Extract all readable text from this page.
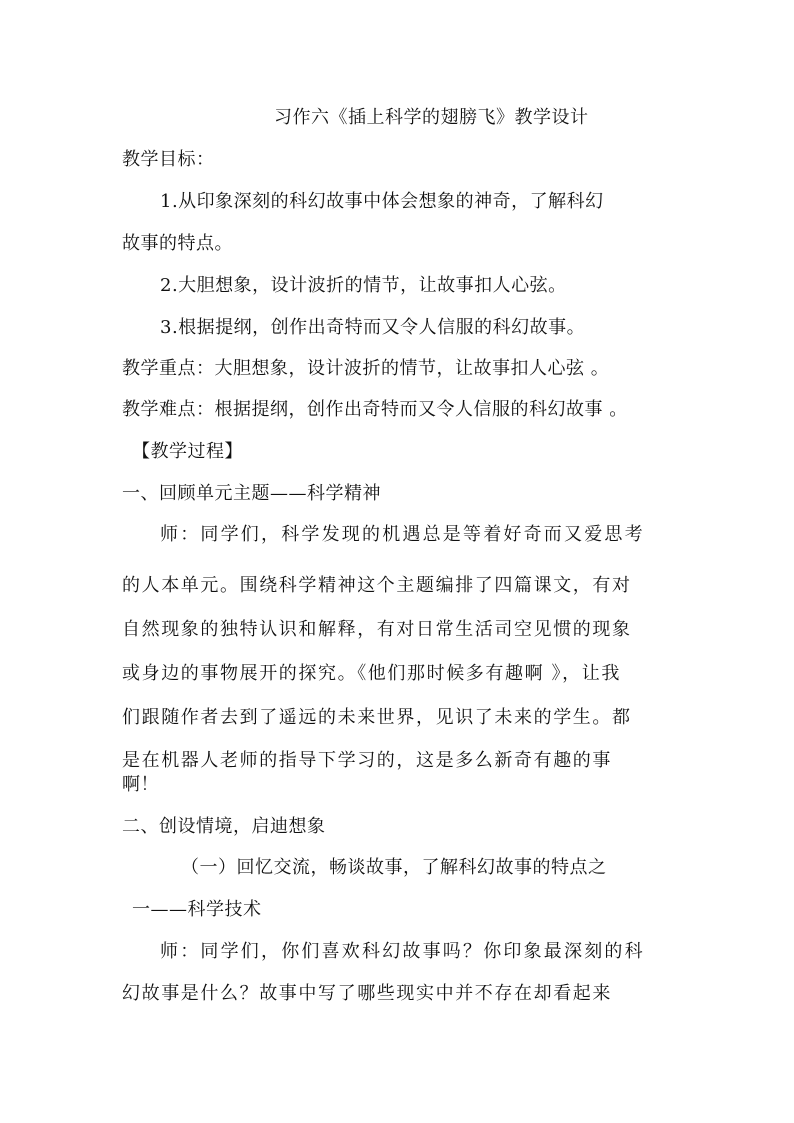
习作六《插上科学的翅膀飞》教学设计
教学目标：
1.从印象深刻的科幻故事中体会想象的神奇，了解科幻
故事的特点。
2.大胆想象，设计波折的情节，让故事扣人心弦。
3.根据提纲，创作出奇特而又令人信服的科幻故事。
教学重点：大胆想象，设计波折的情节，让故事扣人心弦 。
教学难点：根据提纲，创作出奇特而又令人信服的科幻故事 。
【教学过程】
一、回顾单元主题——科学精神
师：同学们，科学发现的机遇总是等着好奇而又爱思考
的人本单元。围绕科学精神这个主题编排了四篇课文，有对
自然现象的独特认识和解释，有对日常生活司空见惯的现象
或身边的事物展开的探究。《他们那时候多有趣啊 》，让我
们跟随作者去到了遥远的未来世界，见识了未来的学生。都
是在机器人老师的指导下学习的，这是多么新奇有趣的事
啊！
二、创设情境，启迪想象
（一）回忆交流，畅谈故事，了解科幻故事的特点之
一——科学技术
师：同学们，你们喜欢科幻故事吗？你印象最深刻的科
幻故事是什么？故事中写了哪些现实中并不存在却看起来
